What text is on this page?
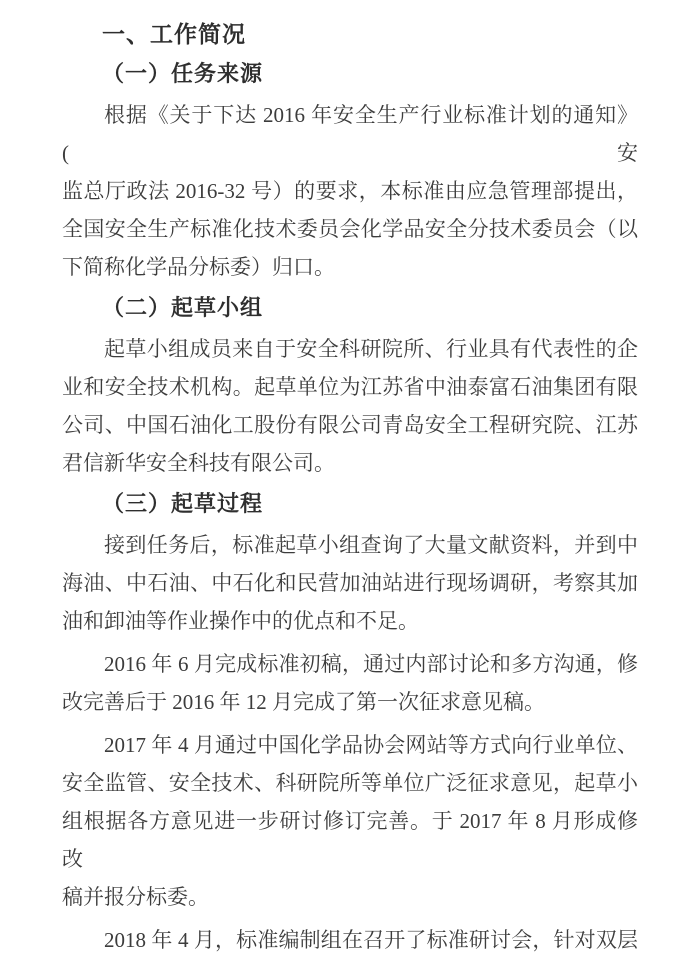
一、工作简况
（一）任务来源
根据《关于下达 2016 年安全生产行业标准计划的通知》(安
监总厅政法 2016-32 号）的要求，本标准由应急管理部提出，
全国安全生产标准化技术委员会化学品安全分技术委员会（以
下简称化学品分标委）归口。
（二）起草小组
起草小组成员来自于安全科研院所、行业具有代表性的企
业和安全技术机构。起草单位为江苏省中油泰富石油集团有限
公司、中国石油化工股份有限公司青岛安全工程研究院、江苏
君信新华安全科技有限公司。
（三）起草过程
接到任务后，标准起草小组查询了大量文献资料，并到中
海油、中石油、中石化和民营加油站进行现场调研，考察其加
油和卸油等作业操作中的优点和不足。
2016 年 6 月完成标准初稿，通过内部讨论和多方沟通，修
改完善后于 2016 年 12 月完成了第一次征求意见稿。
2017 年 4 月通过中国化学品协会网站等方式向行业单位、
安全监管、安全技术、科研院所等单位广泛征求意见，起草小
组根据各方意见进一步研讨修订完善。于 2017 年 8 月形成修改
稿并报分标委。
2018 年 4 月，标准编制组在召开了标准研讨会，针对双层
